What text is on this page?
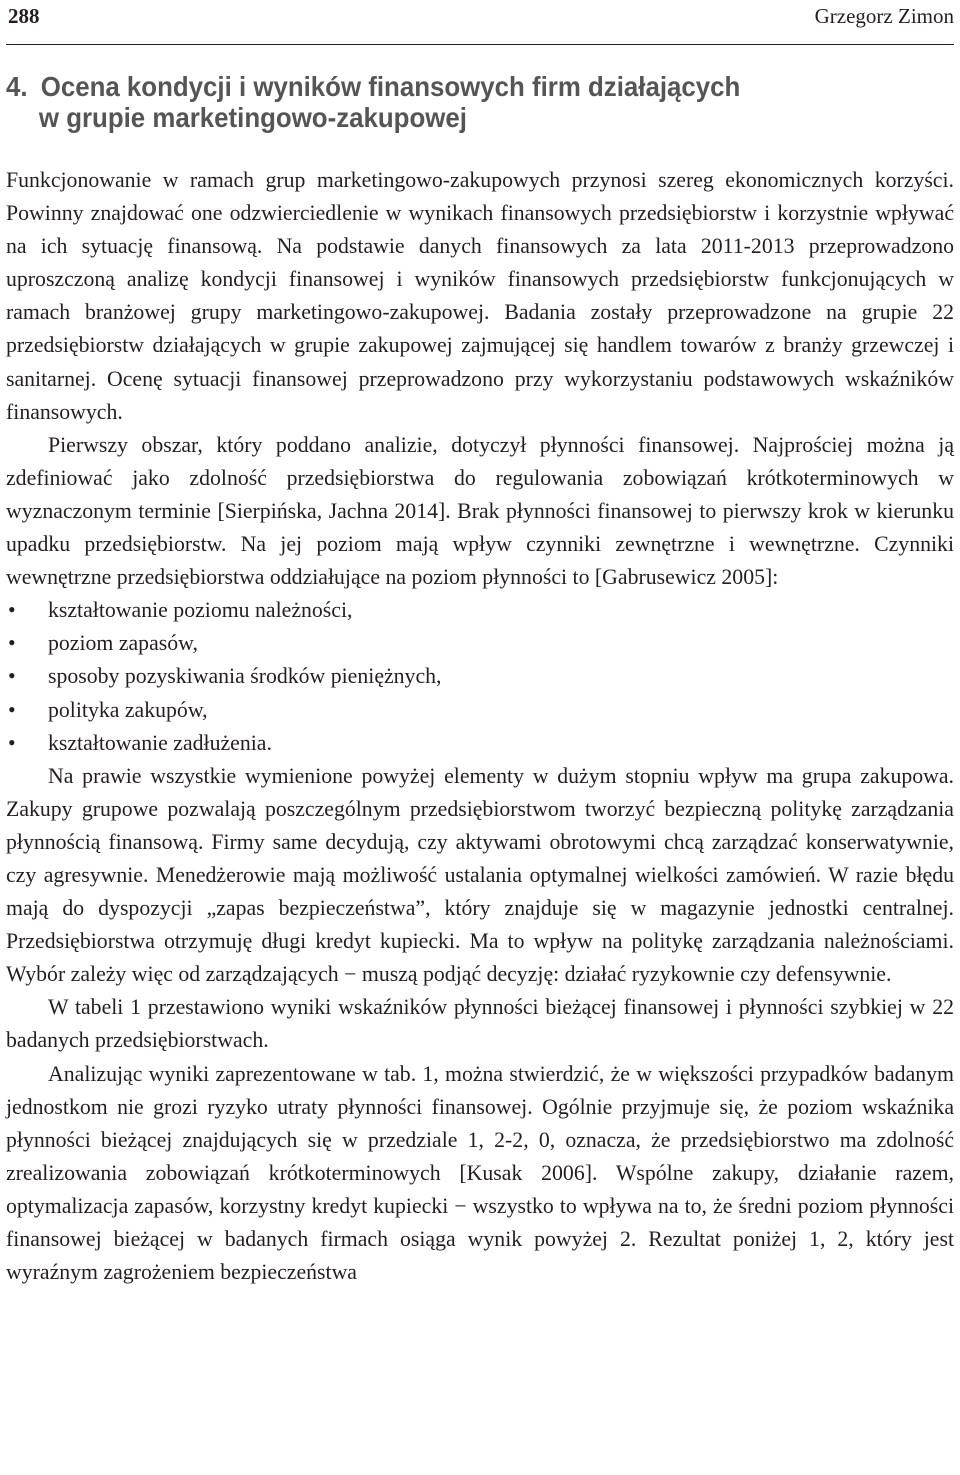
288	Grzegorz Zimon
4. Ocena kondycji i wyników finansowych firm działających
w grupie marketingowo-zakupowej

Funkcjonowanie w ramach grup marketingowo-zakupowych przynosi szereg ekonomicznych korzyści. Powinny znajdować one odzwierciedlenie w wynikach finansowych przedsiębiorstw i korzystnie wpływać na ich sytuację finansową. Na podstawie danych finansowych za lata 2011-2013 przeprowadzono uproszczoną analizę kondycji finansowej i wyników finansowych przedsiębiorstw funkcjonujących w ramach branżowej grupy marketingowo-zakupowej. Badania zostały przeprowadzone na grupie 22 przedsiębiorstw działających w grupie zakupowej zajmującej się handlem towarów z branży grzewczej i sanitarnej. Ocenę sytuacji finansowej przeprowadzono przy wykorzystaniu podstawowych wskaźników finansowych.

Pierwszy obszar, który poddano analizie, dotyczył płynności finansowej. Najprościej można ją zdefiniować jako zdolność przedsiębiorstwa do regulowania zobowiązań krótkoterminowych w wyznaczonym terminie [Sierpińska, Jachna 2014]. Brak płynności finansowej to pierwszy krok w kierunku upadku przedsiębiorstw. Na jej poziom mają wpływ czynniki zewnętrzne i wewnętrzne. Czynniki wewnętrzne przedsiębiorstwa oddziałujące na poziom płynności to [Gabrusewicz 2005]:

• kształtowanie poziomu należności,
• poziom zapasów,
• sposoby pozyskiwania środków pieniężnych,
• polityka zakupów,
• kształtowanie zadłużenia.

Na prawie wszystkie wymienione powyżej elementy w dużym stopniu wpływ ma grupa zakupowa. Zakupy grupowe pozwalają poszczególnym przedsiębiorstwom tworzyć bezpieczną politykę zarządzania płynnością finansową. Firmy same decydują, czy aktywami obrotowymi chcą zarządzać konserwatywnie, czy agresywnie. Menedżerowie mają możliwość ustalania optymalnej wielkości zamówień. W razie błędu mają do dyspozycji „zapas bezpieczeństwa”, który znajduje się w magazynie jednostki centralnej. Przedsiębiorstwa otrzymuję długi kredyt kupiecki. Ma to wpływ na politykę zarządzania należnościami. Wybór zależy więc od zarządzających − muszą podjąć decyzję: działać ryzykownie czy defensywnie.

W tabeli 1 przestawiono wyniki wskaźników płynności bieżącej finansowej i płynności szybkiej w 22 badanych przedsiębiorstwach.

Analizując wyniki zaprezentowane w tab. 1, można stwierdzić, że w większości przypadków badanym jednostkom nie grozi ryzyko utraty płynności finansowej. Ogólnie przyjmuje się, że poziom wskaźnika płynności bieżącej znajdujących się w przedziale 1, 2-2, 0, oznacza, że przedsiębiorstwo ma zdolność zrealizowania zobowiązań krótkoterminowych [Kusak 2006]. Wspólne zakupy, działanie razem, optymalizacja zapasów, korzystny kredyt kupiecki − wszystko to wpływa na to, że średni poziom płynności finansowej bieżącej w badanych firmach osiąga wynik powyżej 2. Rezultat poniżej 1, 2, który jest wyraźnym zagrożeniem bezpieczeństwa
